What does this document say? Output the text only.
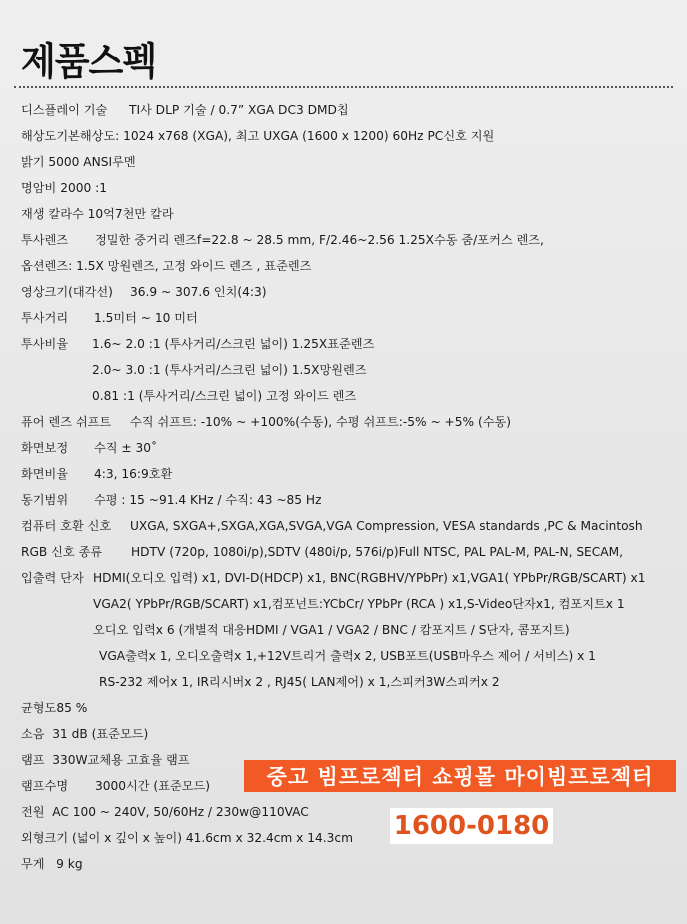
제품스펙
디스플레이 기술 TI사 DLP 기술 / 0.7” XGA DC3 DMD칩
해상도기본해상도: 1024 x768 (XGA), 최고 UXGA (1600 x 1200) 60Hz PC신호 지원
밝기 5000 ANSI루멘
명암비 2000 :1
재생 칼라수 10억7천만 칼라
투사렌즈 정밀한 중거리 렌즈f=22.8 ~ 28.5 mm, F/2.46~2.56 1.25X수동 줌/포커스 렌즈,
옵션렌즈: 1.5X 망원렌즈, 고정 와이드 렌즈 , 표준렌즈
영상크기(대각선) 36.9 ~ 307.6 인치(4:3)
투사거리 1.5미터 ~ 10 미터
투사비율 1.6~ 2.0 :1 (투사거리/스크린 넓이) 1.25X표준렌즈
2.0~ 3.0 :1 (투사거리/스크린 넓이) 1.5X망원렌즈
0.81 :1 (투사거리/스크린 넓이) 고정 와이드 렌즈
퓨어 렌즈 쉬프트 수직 쉬프트: -10% ~ +100%(수동), 수평 쉬프트:-5% ~ +5% (수동)
화면보정 수직 ± 30˚
화면비율 4:3, 16:9호환
동기범위 수평 : 15 ~91.4 KHz / 수직: 43 ~85 Hz
컴퓨터 호환 신호 UXGA, SXGA+,SXGA,XGA,SVGA,VGA Compression, VESA standards ,PC & Macintosh
RGB 신호 종류 HDTV (720p, 1080i/p),SDTV (480i/p, 576i/p)Full NTSC, PAL PAL-M, PAL-N, SECAM,
입출력 단자 HDMI(오디오 입력) x1, DVI-D(HDCP) x1, BNC(RGBHV/YPbPr) x1,VGA1( YPbPr/RGB/SCART) x1
VGA2( YPbPr/RGB/SCART) x1,컴포넌트:YCbCr/ YPbPr (RCA ) x1,S-Video단자x1, 컴포지트x 1
오디오 입력x 6 (개별적 대응HDMI / VGA1 / VGA2 / BNC / 캄포지트 / S단자, 콤포지트)
VGA출력x 1, 오디오출력x 1,+12V트리거 출력x 2, USB포트(USB마우스 제어 / 서비스) x 1
RS-232 제어x 1, IR리시버x 2 , RJ45( LAN제어) x 1,스피커3W스피커x 2
균형도85 %
소음  31 dB (표준모드)
램프  330W교체용 고효율 램프
램프수명 3000시간 (표준모드)
전원  AC 100 ~ 240V, 50/60Hz / 230w@110VAC
외형크기 (넓이 x 깊이 x 높이) 41.6cm x 32.4cm x 14.3cm
무게   9 kg
중고 빔프로젝터 쇼핑몰 마이빔프로젝터
1600-0180
